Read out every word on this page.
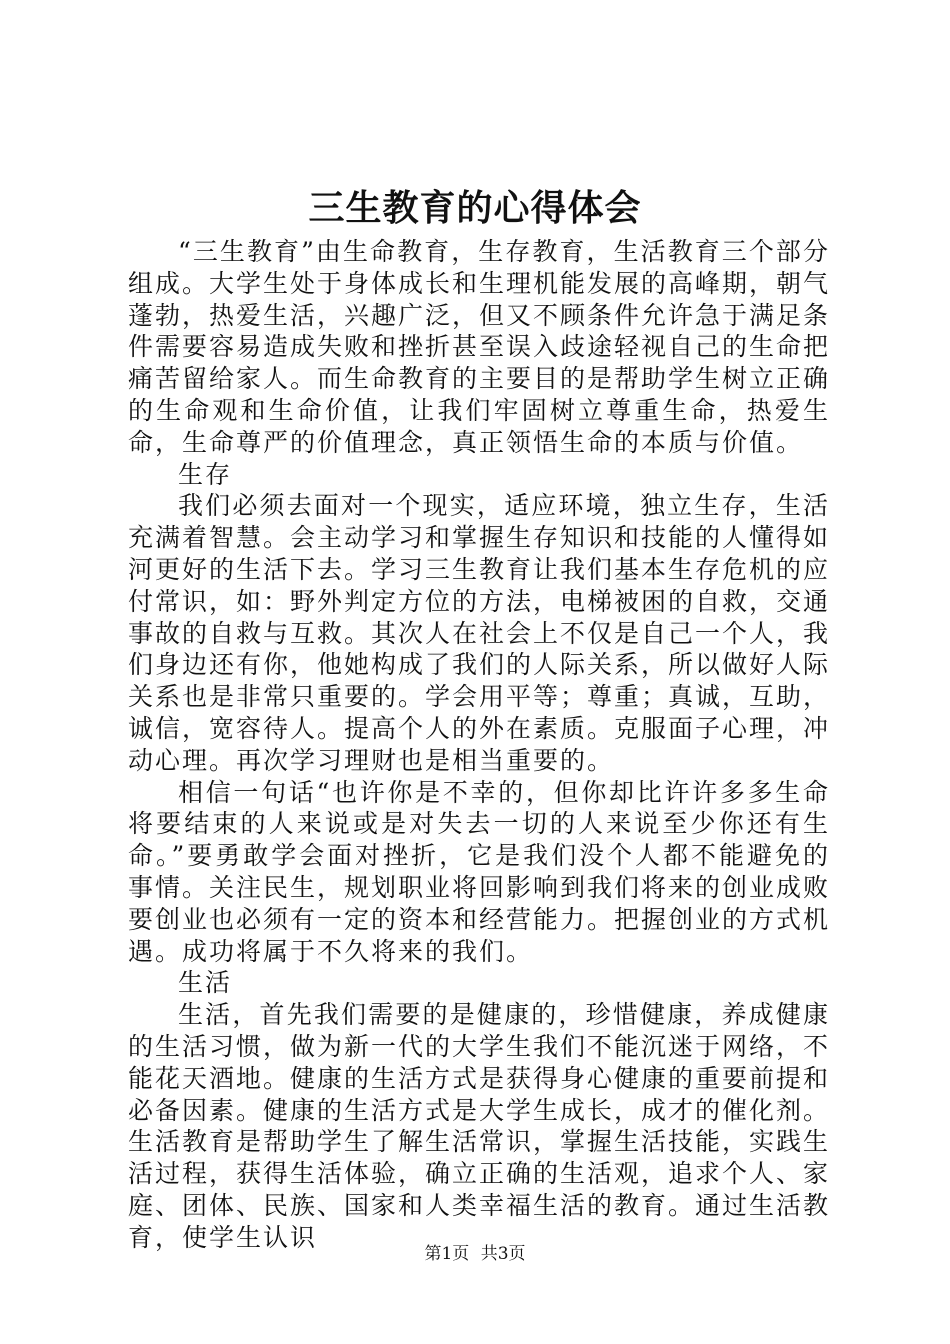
三生教育的心得体会

“三生教育”由生命教育，生存教育，生活教育三个部分组成。大学生处于身体成长和生理机能发展的高峰期，朝气蓬勃，热爱生活，兴趣广泛，但又不顾条件允许急于满足条件需要容易造成失败和挫折甚至误入歧途轻视自己的生命把痛苦留给家人。而生命教育的主要目的是帮助学生树立正确的生命观和生命价值，让我们牢固树立尊重生命，热爱生命，生命尊严的价值理念，真正领悟生命的本质与价值。

生存

我们必须去面对一个现实，适应环境，独立生存，生活充满着智慧。会主动学习和掌握生存知识和技能的人懂得如河更好的生活下去。学习三生教育让我们基本生存危机的应付常识，如：野外判定方位的方法，电梯被困的自救，交通事故的自救与互救。其次人在社会上不仅是自己一个人，我们身边还有你，他她构成了我们的人际关系，所以做好人际关系也是非常只重要的。学会用平等；尊重；真诚，互助，诚信，宽容待人。提高个人的外在素质。克服面子心理，冲动心理。再次学习理财也是相当重要的。

相信一句话“也许你是不幸的，但你却比许许多多生命将要结束的人来说或是对失去一切的人来说至少你还有生命。”要勇敢学会面对挫折，它是我们没个人都不能避免的事情。关注民生，规划职业将回影响到我们将来的创业成败要创业也必须有一定的资本和经营能力。把握创业的方式机遇。成功将属于不久将来的我们。

生活

生活，首先我们需要的是健康的，珍惜健康，养成健康的生活习惯，做为新一代的大学生我们不能沉迷于网络，不能花天酒地。健康的生活方式是获得身心健康的重要前提和必备因素。健康的生活方式是大学生成长，成才的催化剂。生活教育是帮助学生了解生活常识，掌握生活技能，实践生活过程，获得生活体验，确立正确的生活观，追求个人、家庭、团体、民族、国家和人类幸福生活的教育。通过生活教育，使学生认识

第1页 共3页
